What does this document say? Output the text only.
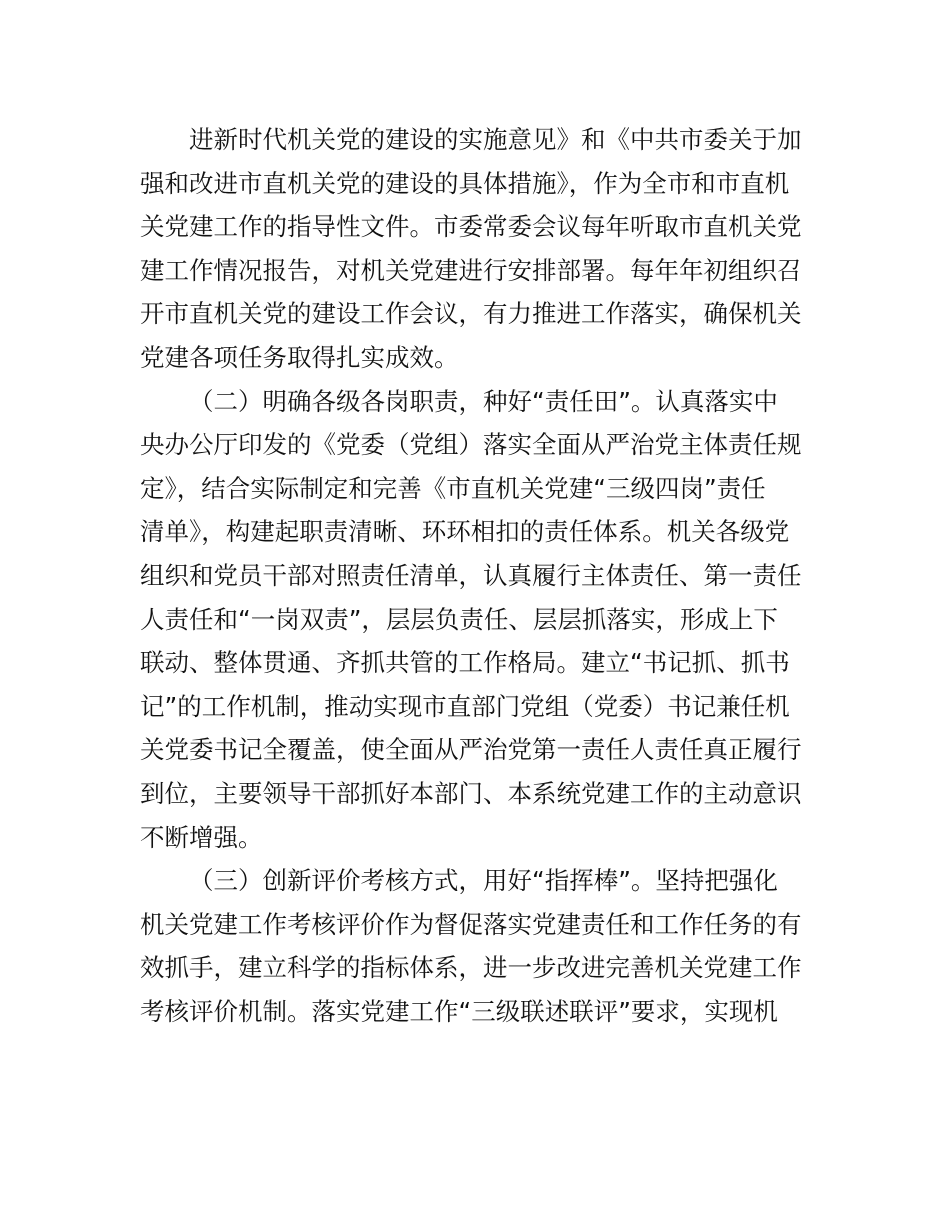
进新时代机关党的建设的实施意见》和《中共市委关于加
强和改进市直机关党的建设的具体措施》，作为全市和市直机
关党建工作的指导性文件。市委常委会议每年听取市直机关党
建工作情况报告，对机关党建进行安排部署。每年年初组织召
开市直机关党的建设工作会议，有力推进工作落实，确保机关
党建各项任务取得扎实成效。
（二）明确各级各岗职责，种好“责任田”。认真落实中
央办公厅印发的《党委（党组）落实全面从严治党主体责任规
定》，结合实际制定和完善《市直机关党建“三级四岗”责任
清单》，构建起职责清晰、环环相扣的责任体系。机关各级党
组织和党员干部对照责任清单，认真履行主体责任、第一责任
人责任和“一岗双责”，层层负责任、层层抓落实，形成上下
联动、整体贯通、齐抓共管的工作格局。建立“书记抓、抓书
记”的工作机制，推动实现市直部门党组（党委）书记兼任机
关党委书记全覆盖，使全面从严治党第一责任人责任真正履行
到位，主要领导干部抓好本部门、本系统党建工作的主动意识
不断增强。
（三）创新评价考核方式，用好“指挥棒”。坚持把强化
机关党建工作考核评价作为督促落实党建责任和工作任务的有
效抓手，建立科学的指标体系，进一步改进完善机关党建工作
考核评价机制。落实党建工作“三级联述联评”要求，实现机
